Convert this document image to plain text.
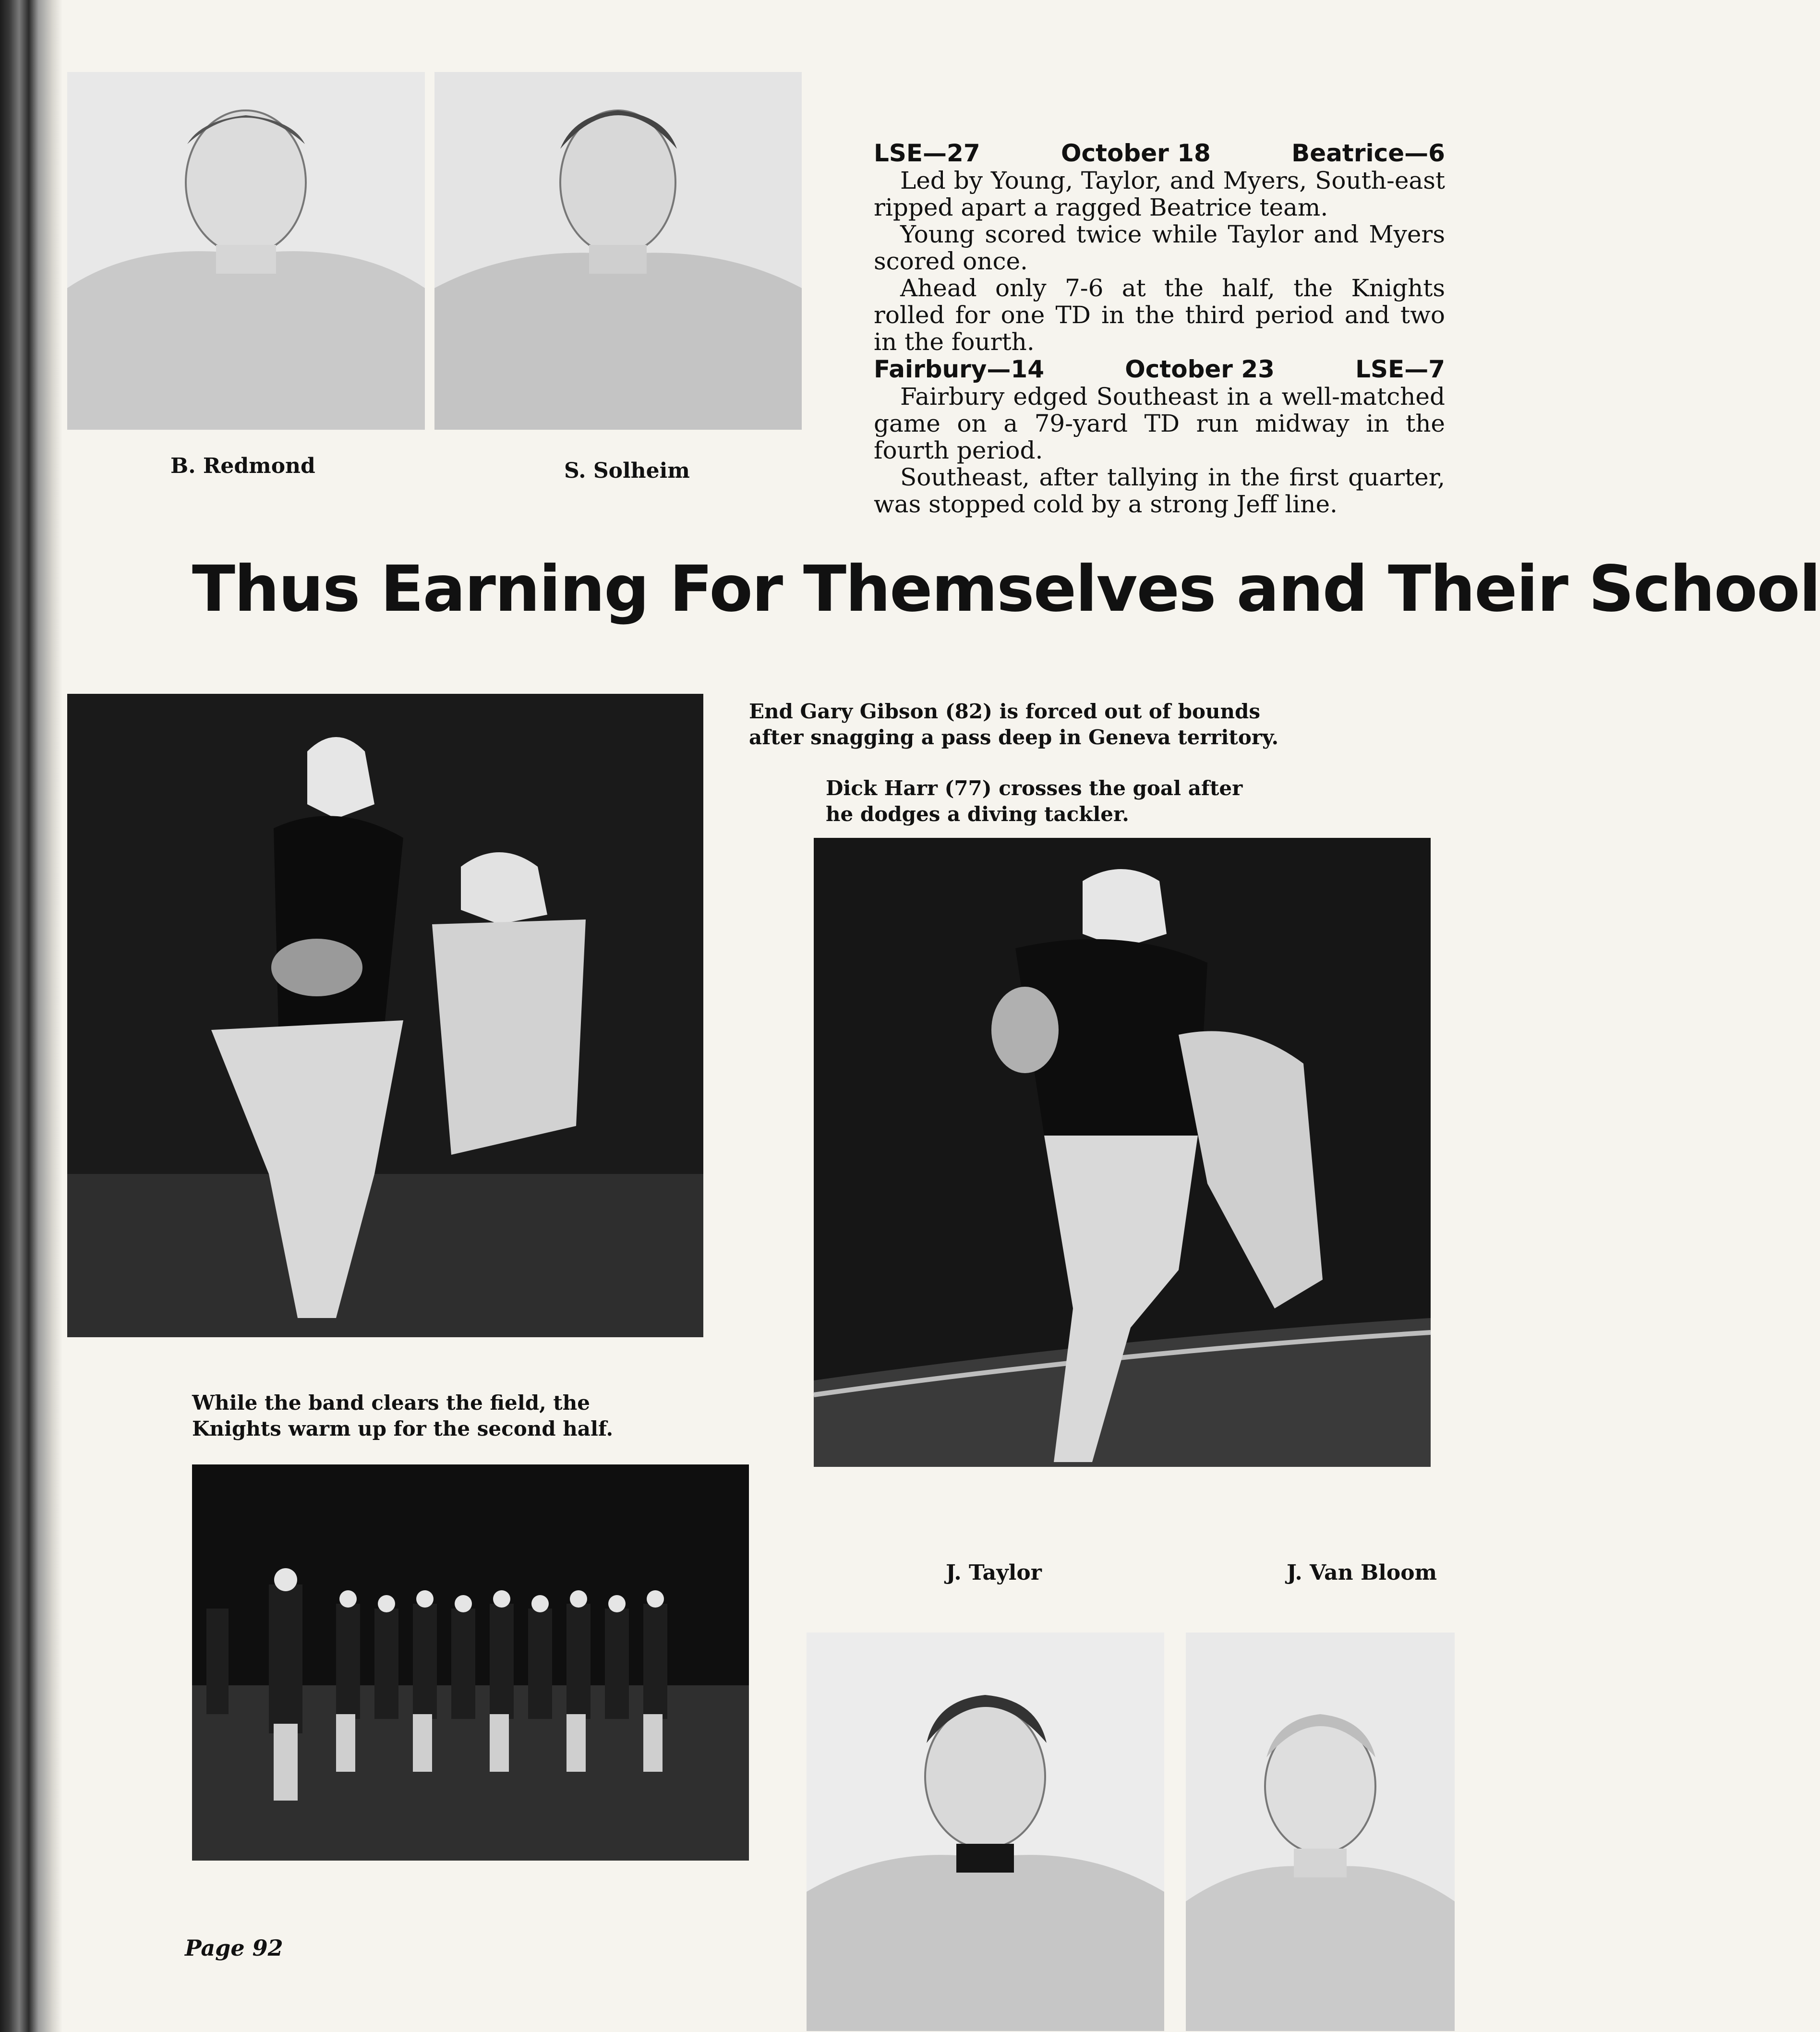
B. Redmond	S. Solheim
LSE—27	October 18	Beatrice—6

Led by Young, Taylor, and Myers, South-east ripped apart a ragged Beatrice team.

Young scored twice while Taylor and Myers scored once.

Ahead only 7-6 at the half, the Knights rolled for one TD in the third period and two in the fourth.

Fairbury—14	October 23	LSE—7

Fairbury edged Southeast in a well-matched game on a 79-yard TD run midway in the fourth period.

Southeast, after tallying in the first quarter, was stopped cold by a strong Jeff line.

Thus Earning For Themselves and Their School

End Gary Gibson (82) is forced out of bounds after snagging a pass deep in Geneva territory.

Dick Harr (77) crosses the goal after he dodges a diving tackler.

While the band clears the field, the Knights warm up for the second half.

J. Taylor	J. Van Bloom
Page 92
